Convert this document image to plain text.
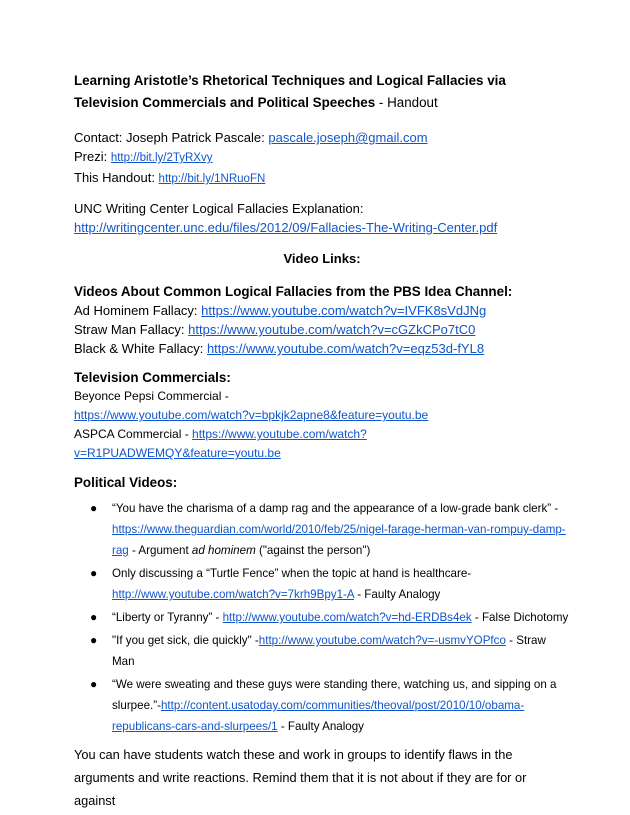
Learning Aristotle’s Rhetorical Techniques and Logical Fallacies via Television Commercials and Political Speeches - Handout

Contact: Joseph Patrick Pascale: pascale.joseph@gmail.com

Prezi: http://bit.ly/2TyRXvy

This Handout: http://bit.ly/1NRuoFN

UNC Writing Center Logical Fallacies Explanation:

http://writingcenter.unc.edu/files/2012/09/Fallacies-The-Writing-Center.pdf

Video Links:

Videos About Common Logical Fallacies from the PBS Idea Channel:

Ad Hominem Fallacy: https://www.youtube.com/watch?v=IVFK8sVdJNg

Straw Man Fallacy: https://www.youtube.com/watch?v=cGZkCPo7tC0

Black & White Fallacy: https://www.youtube.com/watch?v=eqz53d-fYL8

Television Commercials:

Beyonce Pepsi Commercial -

https://www.youtube.com/watch?v=bpkjk2apne8&feature=youtu.be

ASPCA Commercial - https://www.youtube.com/watch?v=R1PUADWEMQY&feature=youtu.be

Political Videos:

● “You have the charisma of a damp rag and the appearance of a low-grade bank clerk” - https://www.theguardian.com/world/2010/feb/25/nigel-farage-herman-van-rompuy-damp-rag - Argument ad hominem ("against the person")
● Only discussing a “Turtle Fence” when the topic at hand is healthcare-http://www.youtube.com/watch?v=7krh9Bpy1-A - Faulty Analogy
● “Liberty or Tyranny” - http://www.youtube.com/watch?v=hd-ERDBs4ek - False Dichotomy
● "If you get sick, die quickly" -http://www.youtube.com/watch?v=-usmvYOPfco - Straw Man
● “We were sweating and these guys were standing there, watching us, and sipping on a slurpee.”-http://content.usatoday.com/communities/theoval/post/2010/10/obama-republicans-cars-and-slurpees/1 - Faulty Analogy

You can have students watch these and work in groups to identify flaws in the arguments and write reactions. Remind them that it is not about if they are for or against
